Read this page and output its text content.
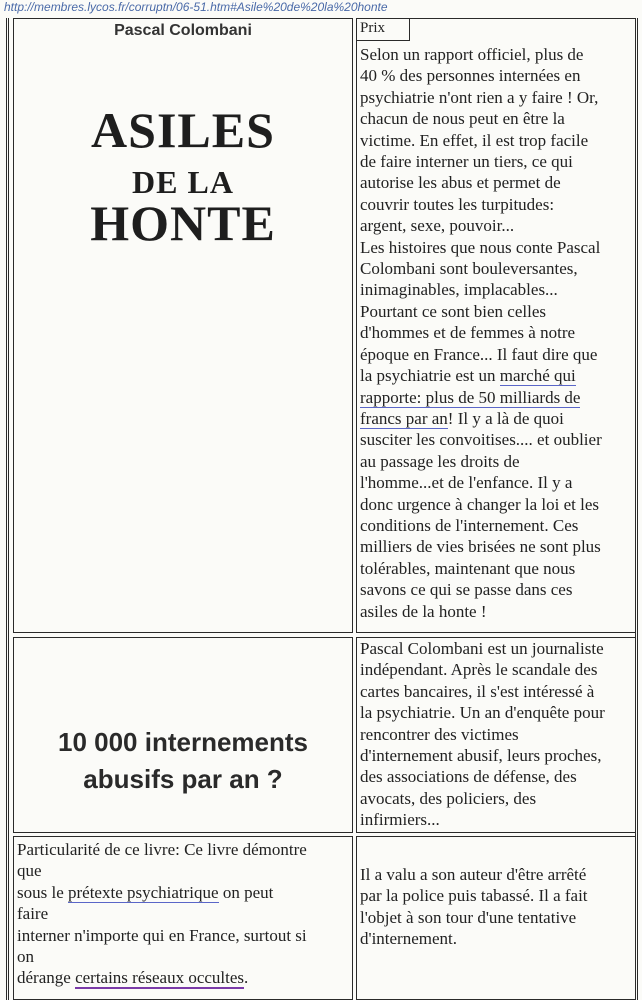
http://membres.lycos.fr/corruptn/06-51.htm#Asile%20de%20la%20honte
Pascal Colombani
ASILES
DE LA
HONTE
Prix
Selon un rapport officiel, plus de
40 % des personnes internées en
psychiatrie n'ont rien a y faire ! Or,
chacun de nous peut en être la
victime. En effet, il est trop facile
de faire interner un tiers, ce qui
autorise les abus et permet de
couvrir toutes les turpitudes:
argent, sexe, pouvoir...
Les histoires que nous conte Pascal
Colombani sont bouleversantes,
inimaginables, implacables...
Pourtant ce sont bien celles
d'hommes et de femmes à notre
époque en France... Il faut dire que
la psychiatrie est un marché qui
rapporte: plus de 50 milliards de
francs par an! Il y a là de quoi
susciter les convoitises.... et oublier
au passage les droits de
l'homme...et de l'enfance. Il y a
donc urgence à changer la loi et les
conditions de l'internement. Ces
milliers de vies brisées ne sont plus
tolérables, maintenant que nous
savons ce qui se passe dans ces
asiles de la honte !
10 000 internements
abusifs par an ?
Pascal Colombani est un journaliste
indépendant. Après le scandale des
cartes bancaires, il s'est intéressé à
la psychiatrie. Un an d'enquête pour
rencontrer des victimes
d'internement abusif, leurs proches,
des associations de défense, des
avocats, des policiers, des
infirmiers...
Particularité de ce livre: Ce livre démontre
que
sous le prétexte psychiatrique on peut
faire
interner n'importe qui en France, surtout si
on
dérange certains réseaux occultes.
Il a valu a son auteur d'être arrêté
par la police puis tabassé. Il a fait
l'objet à son tour d'une tentative
d'internement.
